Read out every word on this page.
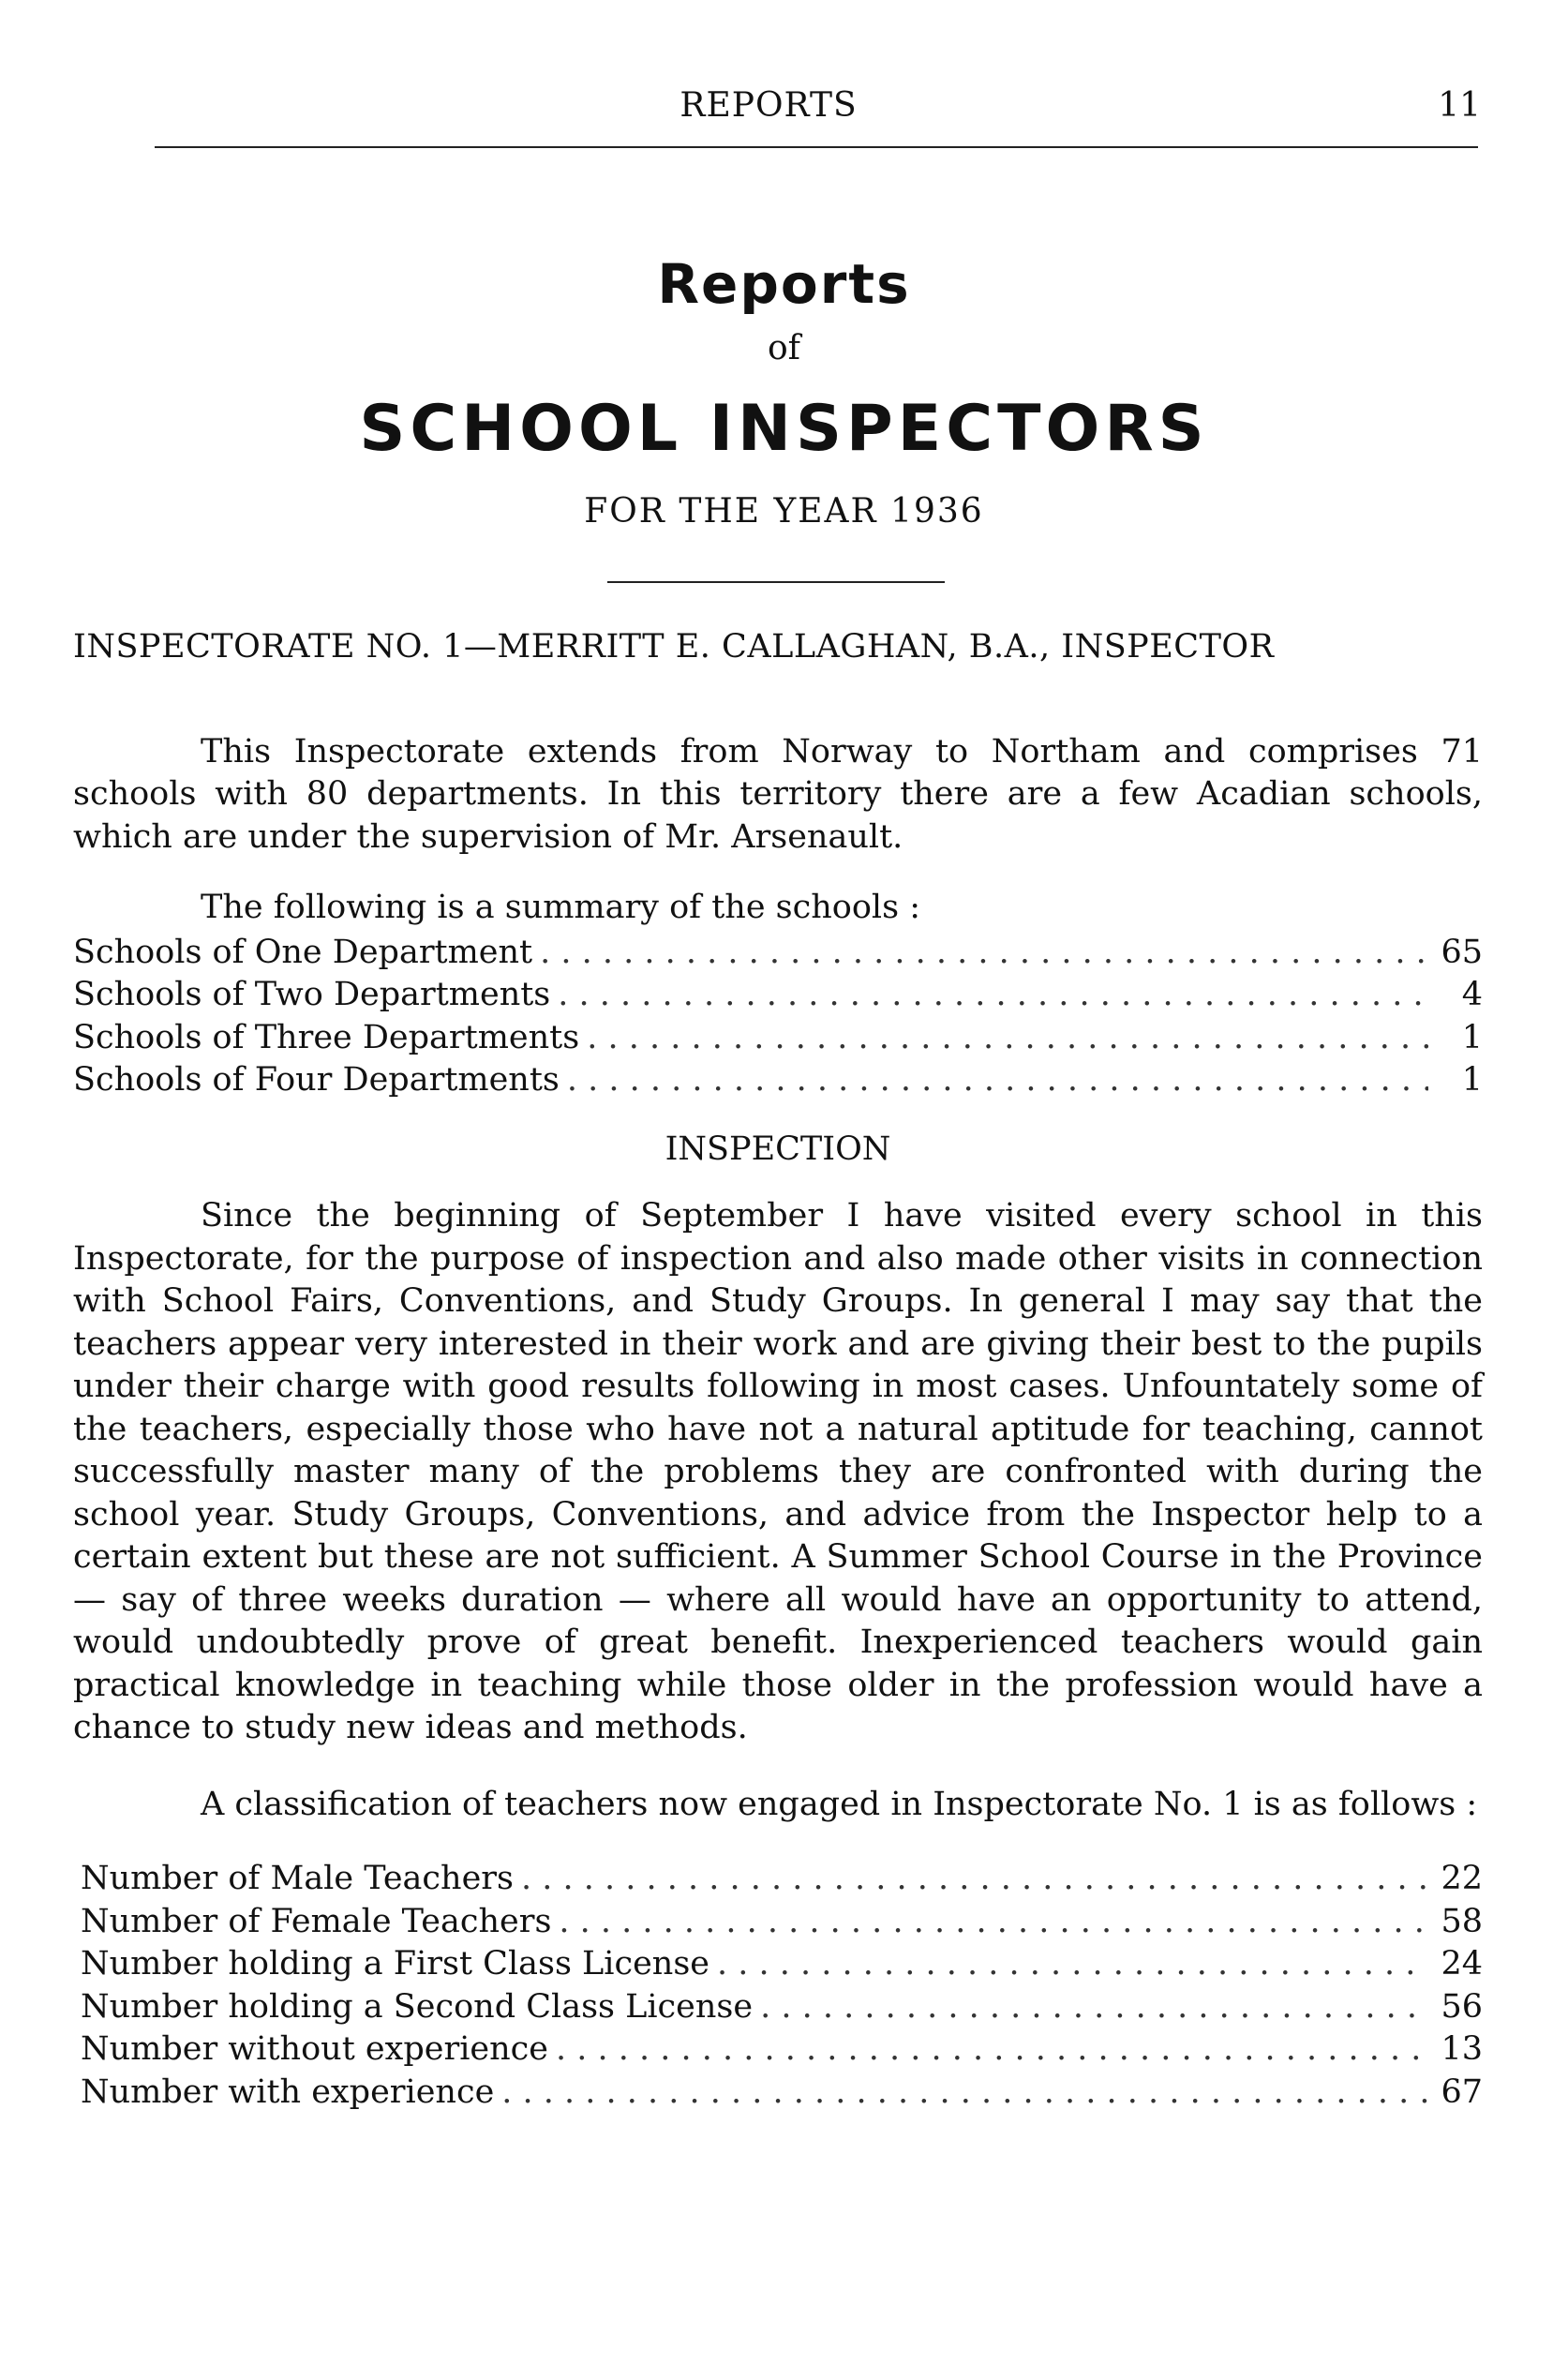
REPORTS	11
Reports
of
SCHOOL INSPECTORS
FOR THE YEAR 1936
INSPECTORATE NO. 1—MERRITT E. CALLAGHAN, B.A., INSPECTOR

This Inspectorate extends from Norway to Northam and comprises 71 schools with 80 departments. In this territory there are a few Acadian schools, which are under the supervision of Mr. Arsenault.

The following is a summary of the schools :

Schools of One Department . . .	65
Schools of Two Departments . . .	4
Schools of Three Departments . . .	1
Schools of Four Departments . . .	1
INSPECTION

Since the beginning of September I have visited every school in this Inspectorate, for the purpose of inspection and also made other visits in connection with School Fairs, Conventions, and Study Groups. In general I may say that the teachers appear very interested in their work and are giving their best to the pupils under their charge with good results following in most cases. Unfountately some of the teachers, especially those who have not a natural aptitude for teaching, cannot successfully master many of the problems they are confronted with during the school year. Study Groups, Conventions, and advice from the Inspector help to a certain extent but these are not sufficient. A Summer School Course in the Province — say of three weeks duration — where all would have an opportunity to attend, would undoubtedly prove of great benefit. Inexperienced teachers would gain practical knowledge in teaching while those older in the profession would have a chance to study new ideas and methods.

A classification of teachers now engaged in Inspectorate No. 1 is as follows :

Number of Male Teachers . . .	22
Number of Female Teachers . . .	58
Number holding a First Class License . . .	24
Number holding a Second Class License . . .	56
Number without experience . . .	13
Number with experience . . .	67
